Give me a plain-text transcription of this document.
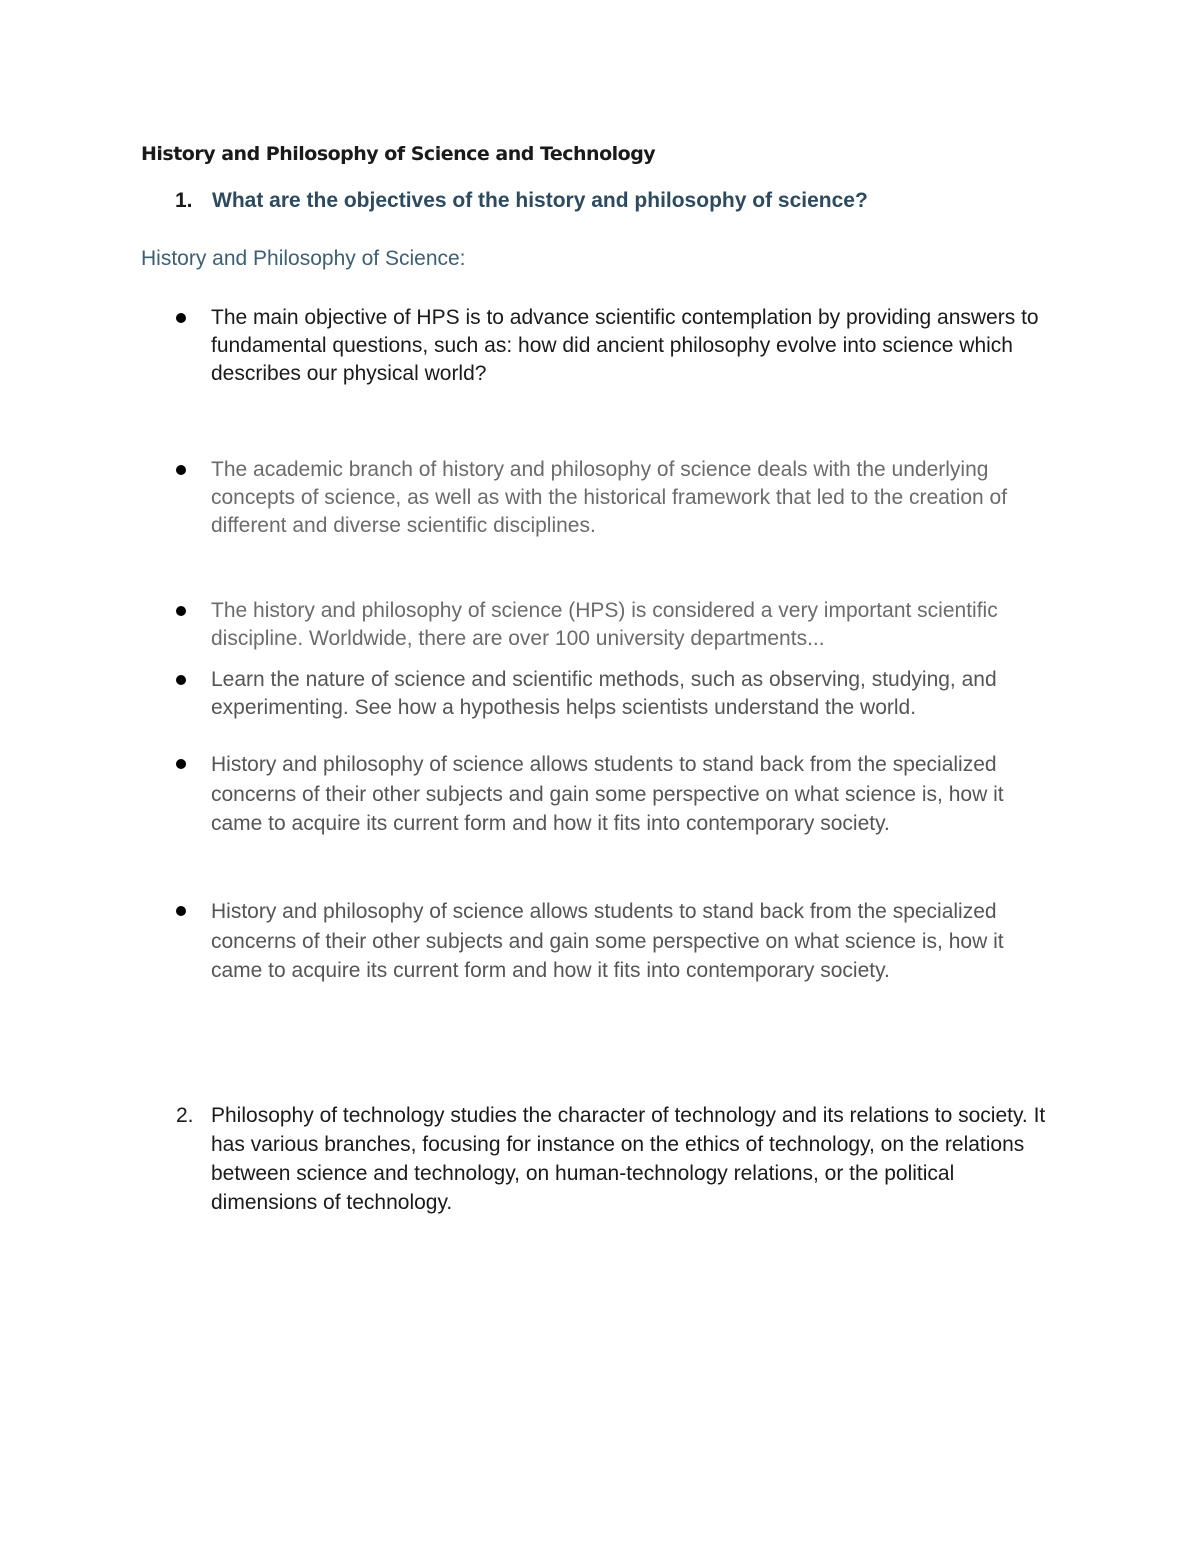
History and Philosophy of Science and Technology
1. What are the objectives of the history and philosophy of science?
History and Philosophy of Science:
The main objective of HPS is to advance scientific contemplation by providing answers to fundamental questions, such as: how did ancient philosophy evolve into science which describes our physical world?
The academic branch of history and philosophy of science deals with the underlying concepts of science, as well as with the historical framework that led to the creation of different and diverse scientific disciplines.
The history and philosophy of science (HPS) is considered a very important scientific discipline. Worldwide, there are over 100 university departments...
Learn the nature of science and scientific methods, such as observing, studying, and experimenting. See how a hypothesis helps scientists understand the world.
History and philosophy of science allows students to stand back from the specialized concerns of their other subjects and gain some perspective on what science is, how it came to acquire its current form and how it fits into contemporary society.
History and philosophy of science allows students to stand back from the specialized concerns of their other subjects and gain some perspective on what science is, how it came to acquire its current form and how it fits into contemporary society.
2. Philosophy of technology studies the character of technology and its relations to society. It has various branches, focusing for instance on the ethics of technology, on the relations between science and technology, on human-technology relations, or the political dimensions of technology.
